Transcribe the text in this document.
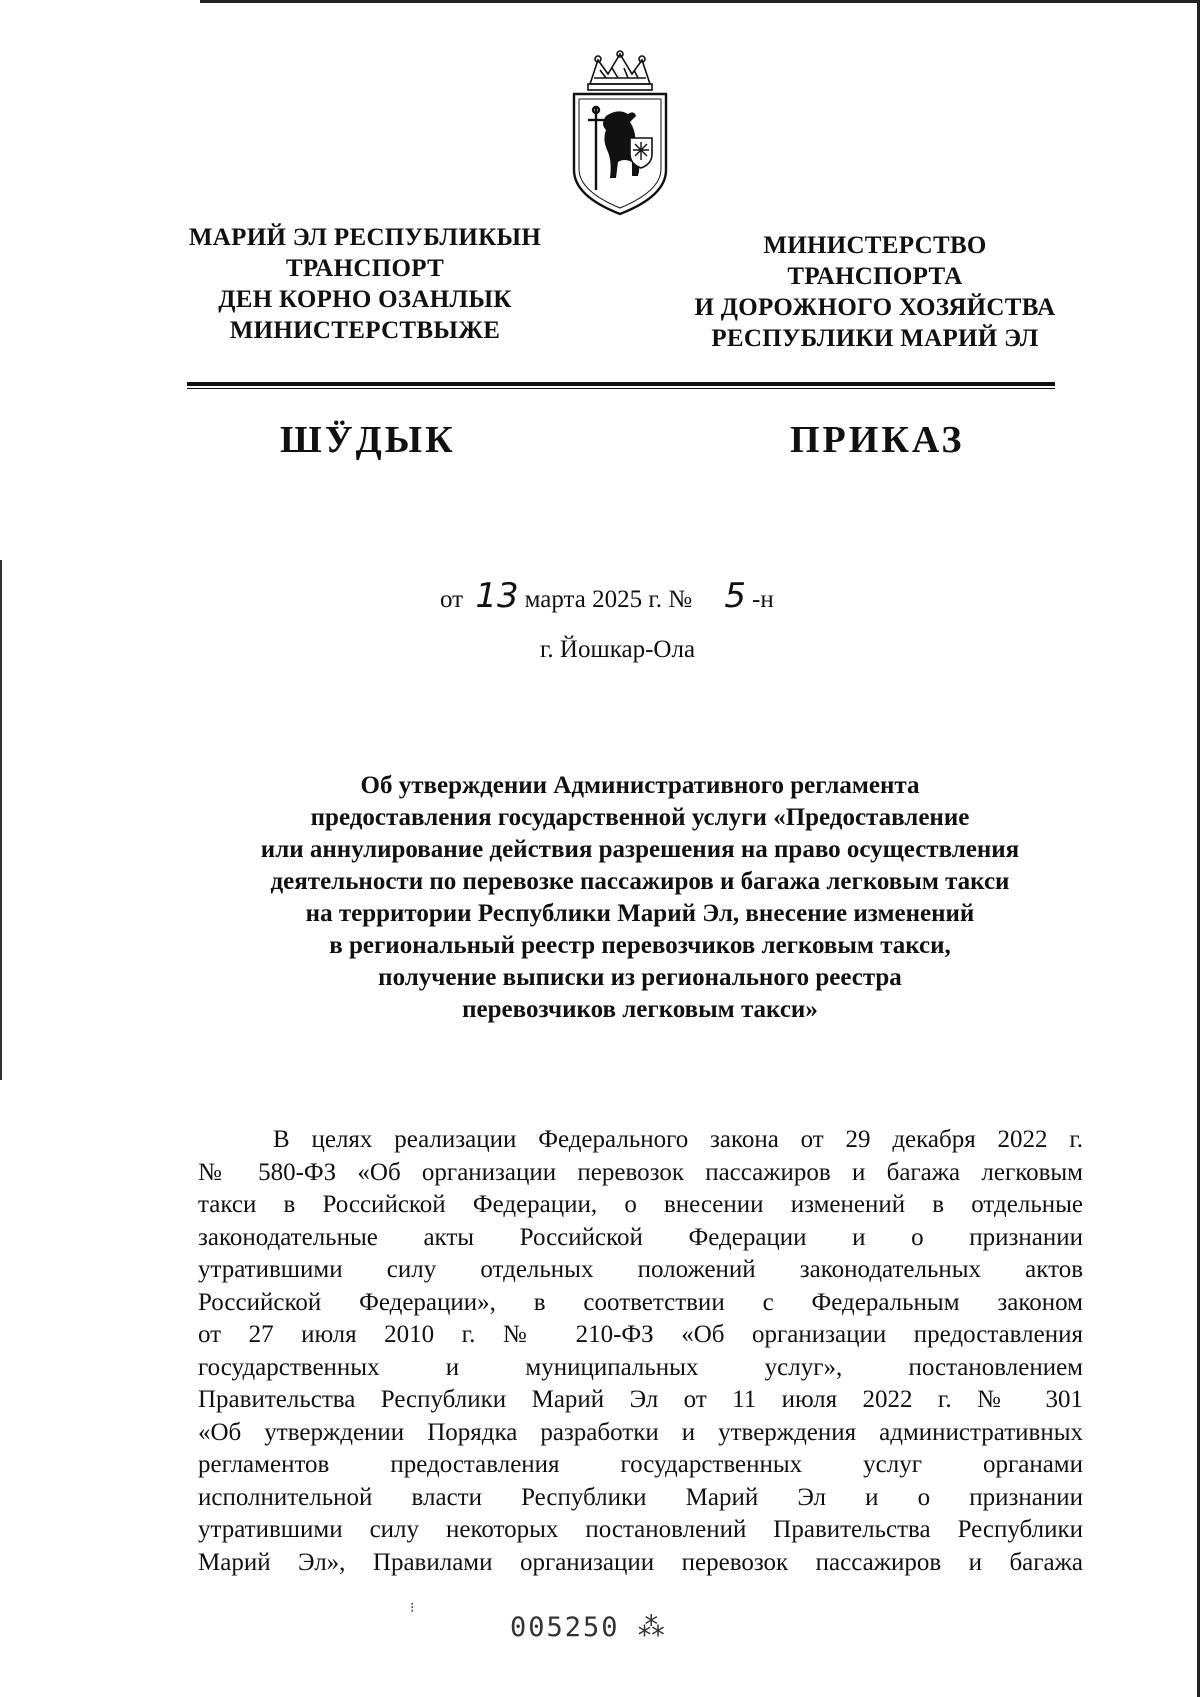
МАРИЙ ЭЛ РЕСПУБЛИКЫН
ТРАНСПОРТ
ДЕН КОРНО ОЗАНЛЫК
МИНИСТЕРСТВЫЖЕ
МИНИСТЕРСТВО
ТРАНСПОРТА
И ДОРОЖНОГО ХОЗЯЙСТВА
РЕСПУБЛИКИ МАРИЙ ЭЛ
ШӰДЫК	ПРИКАЗ
от 13 марта 2025 г. № 5 -н
г. Йошкар-Ола
Об утверждении Административного регламента
предоставления государственной услуги «Предоставление
или аннулирование действия разрешения на право осуществления
деятельности по перевозке пассажиров и багажа легковым такси
на территории Республики Марий Эл, внесение изменений
в региональный реестр перевозчиков легковым такси,
получение выписки из регионального реестра
перевозчиков легковым такси»
В целях реализации Федерального закона от 29 декабря 2022 г.
№ 580-ФЗ «Об организации перевозок пассажиров и багажа легковым
такси в Российской Федерации, о внесении изменений в отдельные
законодательные акты Российской Федерации и о признании
утратившими силу отдельных положений законодательных актов
Российской Федерации», в соответствии с Федеральным законом
от 27 июля 2010 г. № 210-ФЗ «Об организации предоставления
государственных и муниципальных услуг», постановлением
Правительства Республики Марий Эл от 11 июля 2022 г. № 301
«Об утверждении Порядка разработки и утверждения административных
регламентов предоставления государственных услуг органами
исполнительной власти Республики Марий Эл и о признании
утратившими силу некоторых постановлений Правительства Республики
Марий Эл», Правилами организации перевозок пассажиров и багажа
⁝
005250 ⁂
